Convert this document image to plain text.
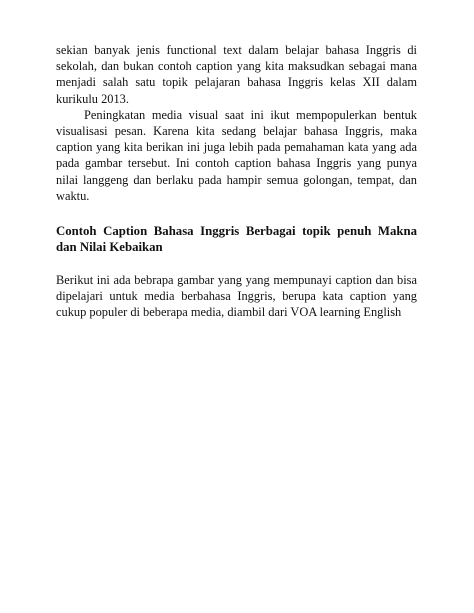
sekian banyak jenis functional text dalam belajar bahasa Inggris di sekolah, dan bukan contoh caption yang kita maksudkan sebagai mana menjadi salah satu topik pelajaran bahasa Inggris kelas XII dalam kurikulu 2013.

Peningkatan media visual saat ini ikut mempopulerkan bentuk visualisasi pesan. Karena kita sedang belajar bahasa Inggris, maka caption yang kita berikan ini juga lebih pada pemahaman kata yang ada pada gambar tersebut. Ini contoh caption bahasa Inggris yang punya nilai langgeng dan berlaku pada hampir semua golongan, tempat, dan waktu.

Contoh Caption Bahasa Inggris Berbagai topik penuh Makna dan Nilai Kebaikan

Berikut ini ada bebrapa gambar yang yang mempunayi caption dan bisa dipelajari untuk media berbahasa Inggris, berupa kata caption yang cukup populer di beberapa media, diambil dari VOA learning English
